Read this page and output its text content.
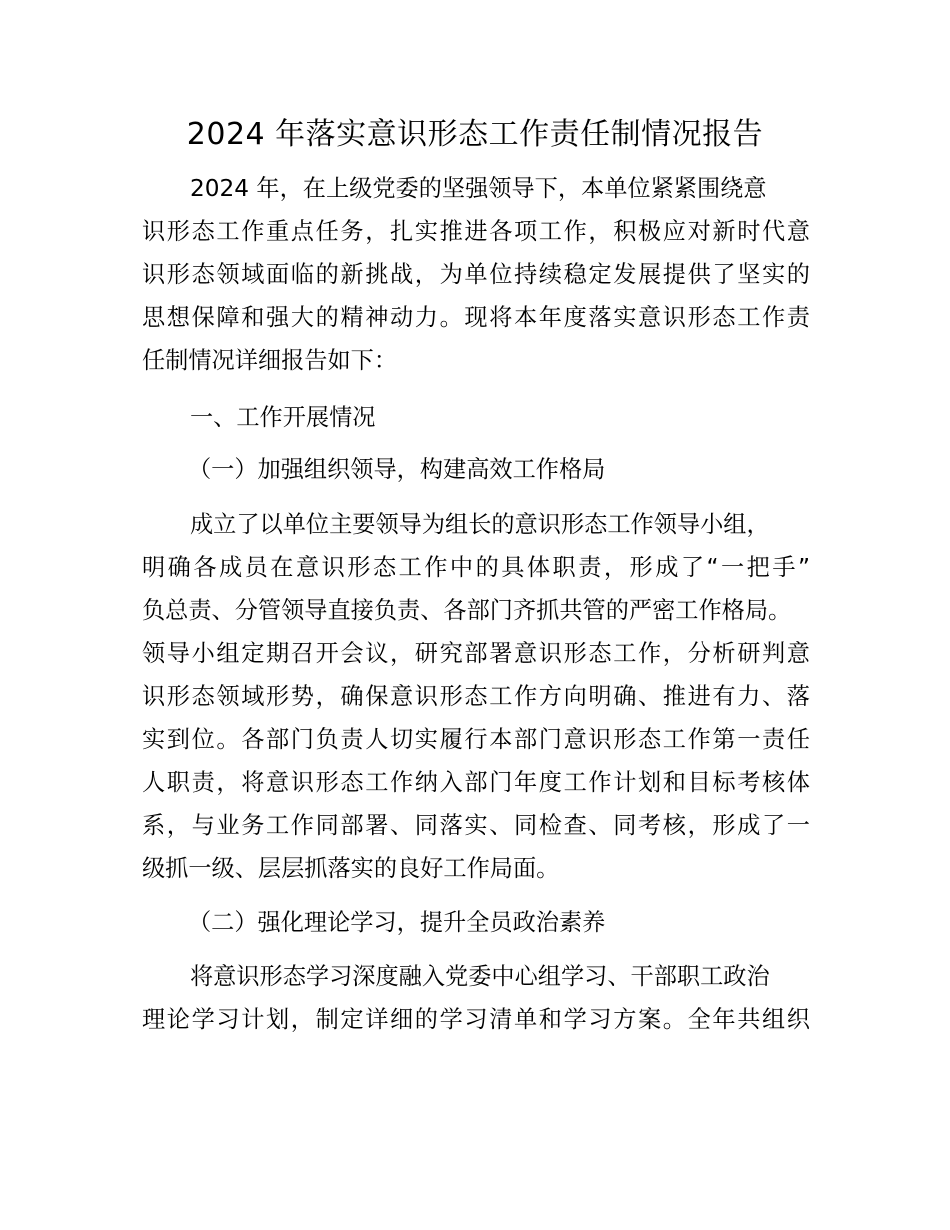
2024 年落实意识形态工作责任制情况报告
2024 年，在上级党委的坚强领导下，本单位紧紧围绕意
识形态工作重点任务，扎实推进各项工作，积极应对新时代意
识形态领域面临的新挑战，为单位持续稳定发展提供了坚实的
思想保障和强大的精神动力。现将本年度落实意识形态工作责
任制情况详细报告如下：
一、工作开展情况
（一）加强组织领导，构建高效工作格局
成立了以单位主要领导为组长的意识形态工作领导小组，
明确各成员在意识形态工作中的具体职责，形成了“一把手”
负总责、分管领导直接负责、各部门齐抓共管的严密工作格局。
领导小组定期召开会议，研究部署意识形态工作，分析研判意
识形态领域形势，确保意识形态工作方向明确、推进有力、落
实到位。各部门负责人切实履行本部门意识形态工作第一责任
人职责，将意识形态工作纳入部门年度工作计划和目标考核体
系，与业务工作同部署、同落实、同检查、同考核，形成了一
级抓一级、层层抓落实的良好工作局面。
（二）强化理论学习，提升全员政治素养
将意识形态学习深度融入党委中心组学习、干部职工政治
理论学习计划，制定详细的学习清单和学习方案。全年共组织
